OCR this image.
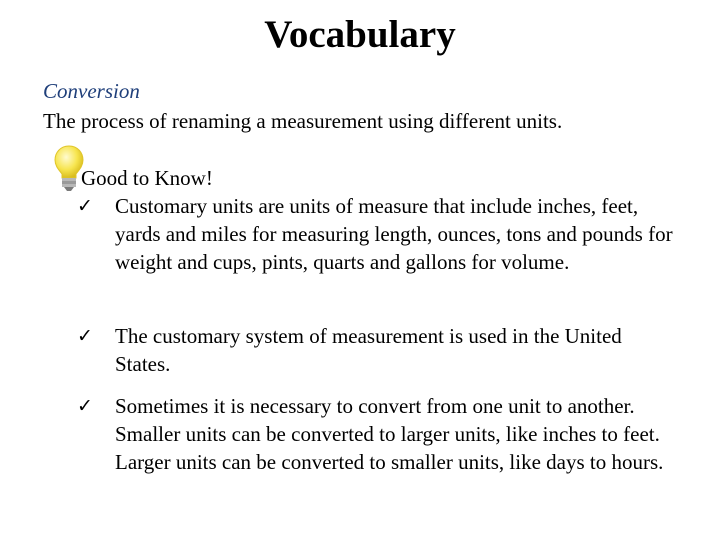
Vocabulary
Conversion
The process of renaming a measurement using different units.
Good to Know!
✓ Customary units are units of measure that include inches, feet, yards and miles for measuring length, ounces, tons and pounds for weight and cups, pints, quarts and gallons for volume.
✓ The customary system of measurement is used in the United States.
✓ Sometimes it is necessary to convert from one unit to another. Smaller units can be converted to larger units, like inches to feet. Larger units can be converted to smaller units, like days to hours.
